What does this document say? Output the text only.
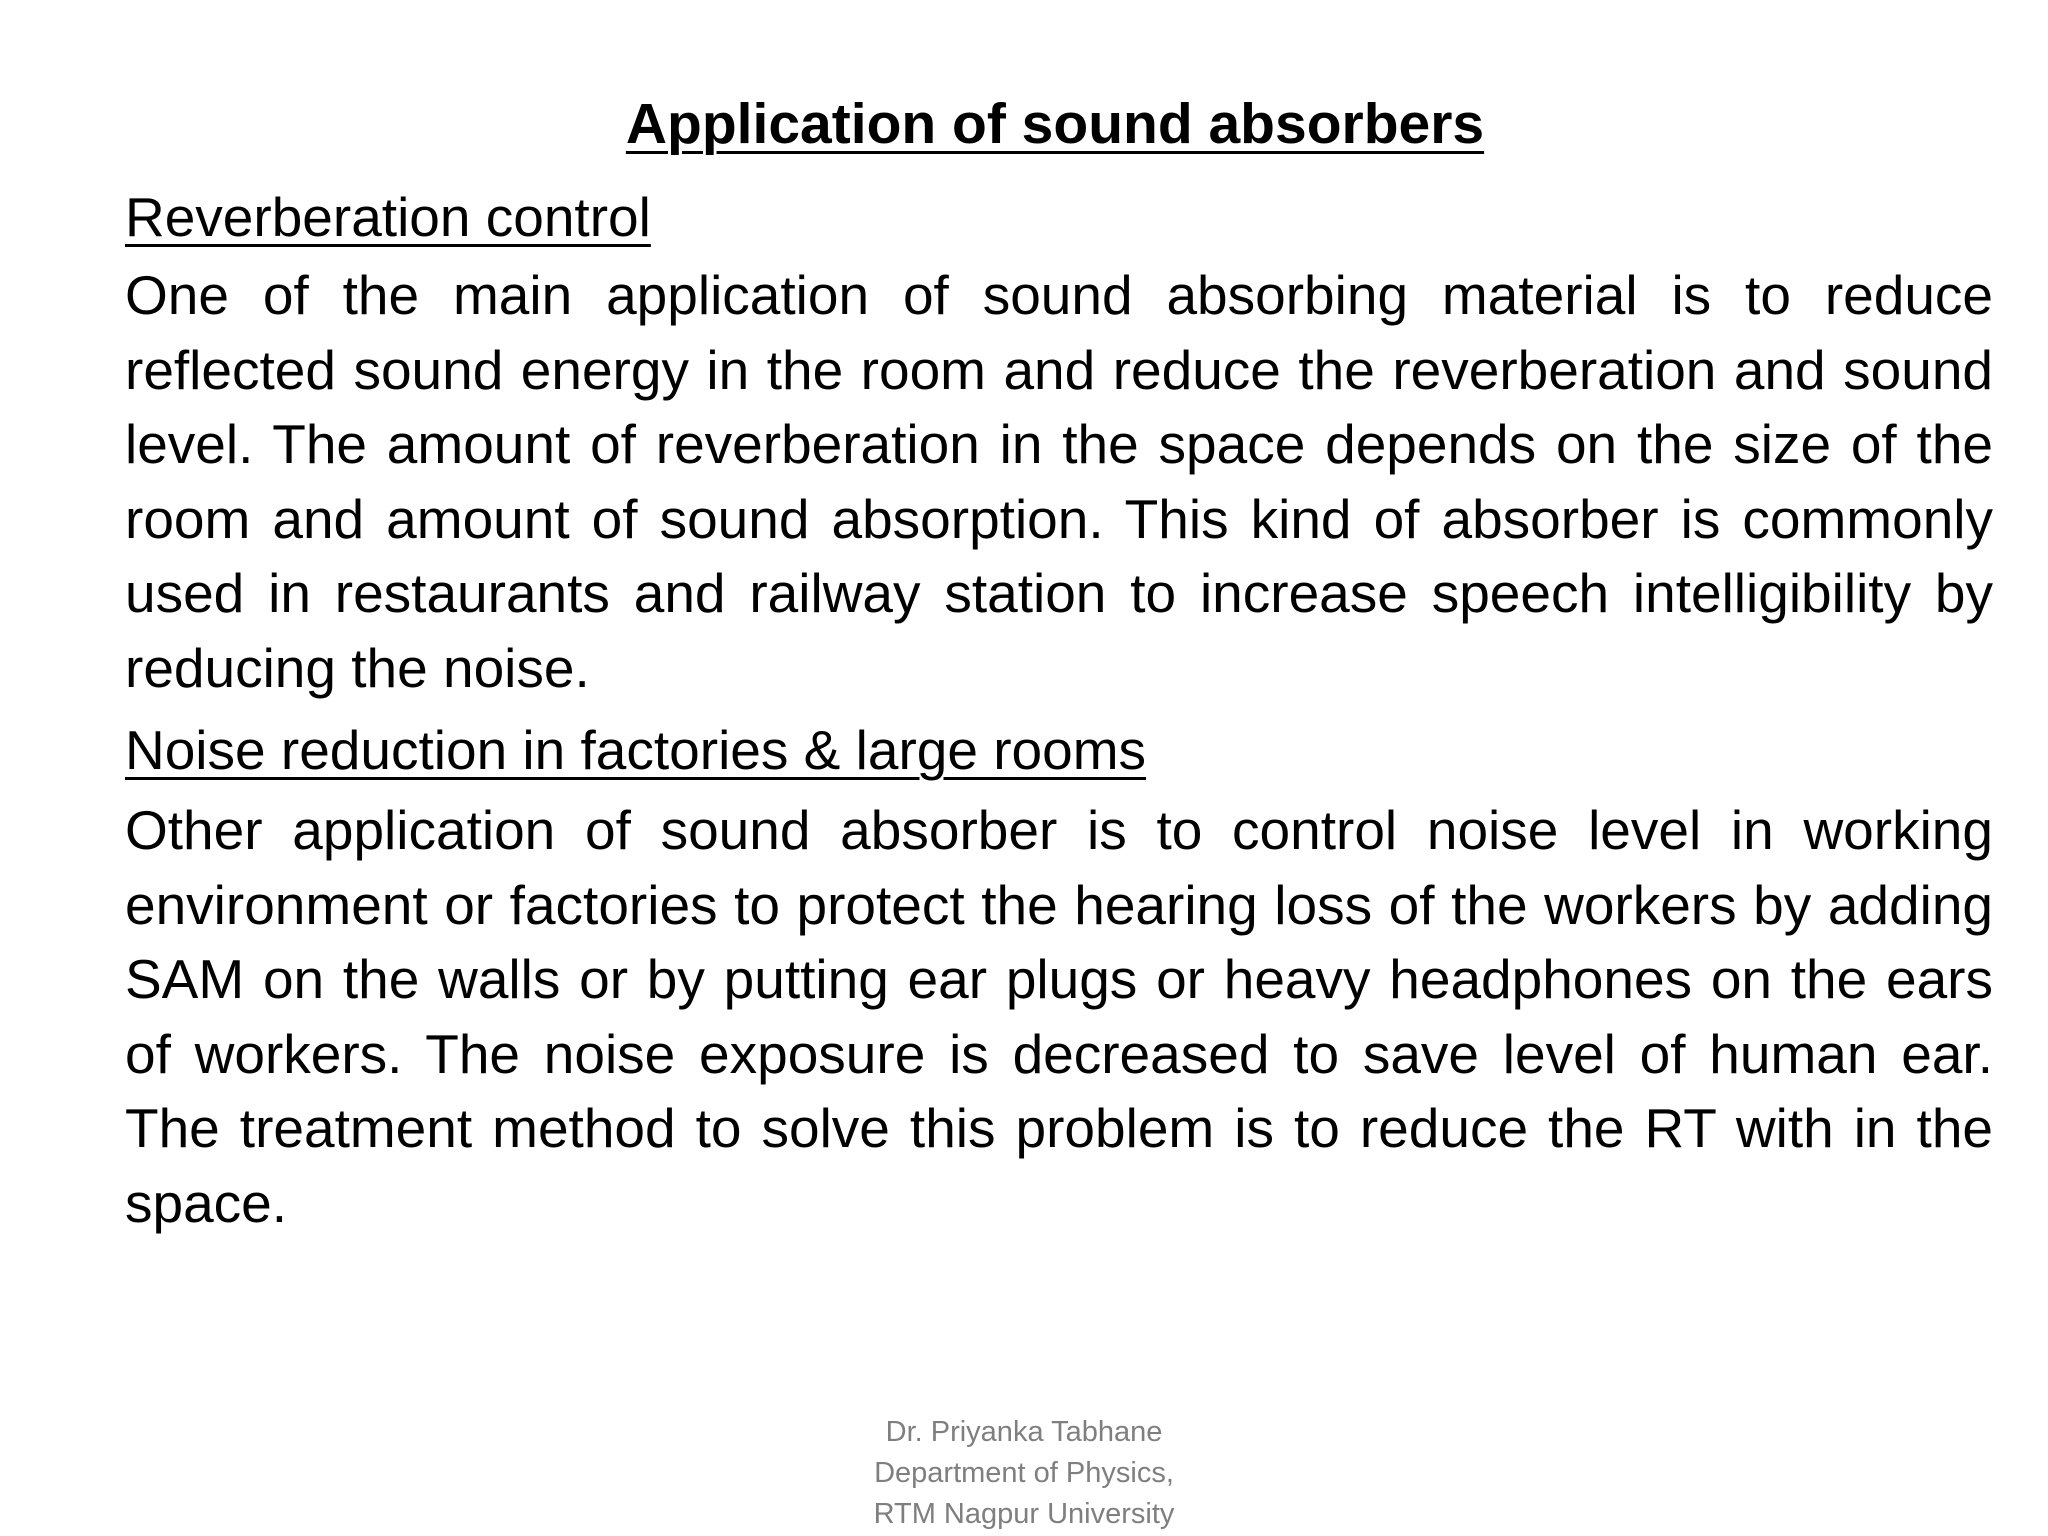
Application of sound absorbers

Reverberation control

One of the main application of sound absorbing material is to reduce reflected sound energy in the room and reduce the reverberation and sound level. The amount of reverberation in the space depends on the size of the room and amount of sound absorption. This kind of absorber is commonly used in restaurants and railway station to increase speech intelligibility by reducing the noise.

Noise reduction in factories & large rooms

Other application of sound absorber is to control noise level in working environment or factories to protect the hearing loss of the workers by adding SAM on the walls or by putting ear plugs or heavy headphones on the ears of workers. The noise exposure is decreased to save level of human ear. The treatment method to solve this problem is to reduce the RT with in the space.

Dr. Priyanka Tabhane
Department of Physics,
RTM Nagpur University
